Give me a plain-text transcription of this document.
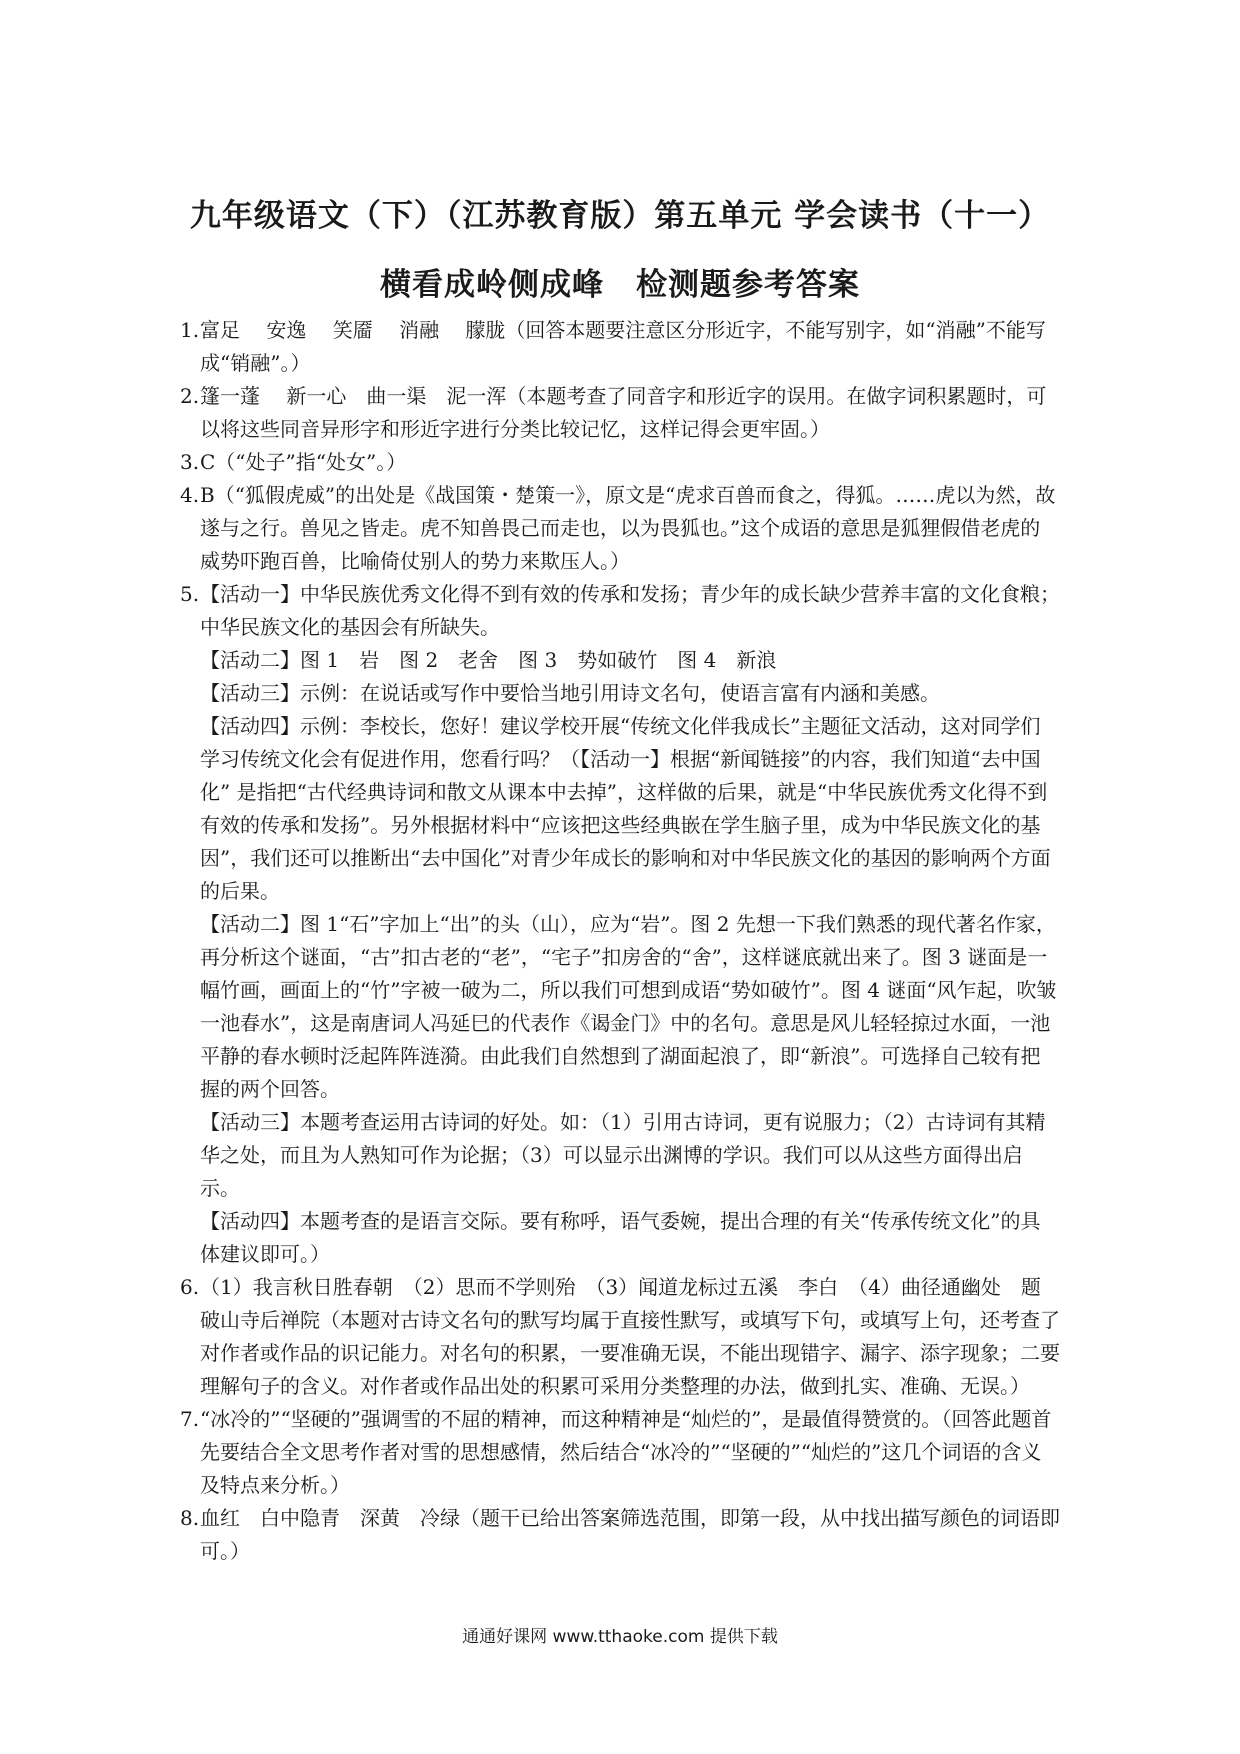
九年级语文（下）（江苏教育版）第五单元 学会读书（十一）
横看成岭侧成峰　检测题参考答案
1. 富足　 安逸　 笑靥　 消融　 朦胧（回答本题要注意区分形近字，不能写别字，如“消融”不能写成“销融”。）
2. 篷一蓬　 新一心　曲一渠　泥一浑（本题考查了同音字和形近字的误用。在做字词积累题时，可以将这些同音异形字和形近字进行分类比较记忆，这样记得会更牢固。）
3. C（“处子”指“处女”。）
4. B（“狐假虎威”的出处是《战国策・楚策一》，原文是“虎求百兽而食之，得狐。……虎以为然，故遂与之行。兽见之皆走。虎不知兽畏己而走也，以为畏狐也。”这个成语的意思是狐狸假借老虎的威势吓跑百兽，比喻倚仗别人的势力来欺压人。）
5. 【活动一】中华民族优秀文化得不到有效的传承和发扬；青少年的成长缺少营养丰富的文化食粮；中华民族文化的基因会有所缺失。

【活动二】图 1　岩　图 2　老舍　图 3　势如破竹　图 4　新浪

【活动三】示例：在说话或写作中要恰当地引用诗文名句，使语言富有内涵和美感。

【活动四】示例：李校长，您好！建议学校开展“传统文化伴我成长”主题征文活动，这对同学们学习传统文化会有促进作用，您看行吗？（【活动一】根据“新闻链接”的内容，我们知道“去中国化” 是指把“古代经典诗词和散文从课本中去掉”，这样做的后果，就是“中华民族优秀文化得不到有效的传承和发扬”。另外根据材料中“应该把这些经典嵌在学生脑子里，成为中华民族文化的基因”，我们还可以推断出“去中国化”对青少年成长的影响和对中华民族文化的基因的影响两个方面的后果。

【活动二】图 1“石”字加上“出”的头（山），应为“岩”。图 2 先想一下我们熟悉的现代著名作家，再分析这个谜面，“古”扣古老的“老”，“宅子”扣房舍的“舍”，这样谜底就出来了。图 3 谜面是一幅竹画，画面上的“竹”字被一破为二，所以我们可想到成语“势如破竹”。图 4 谜面“风乍起，吹皱一池春水”，这是南唐词人冯延巳的代表作《谒金门》中的名句。意思是风儿轻轻掠过水面，一池平静的春水顿时泛起阵阵涟漪。由此我们自然想到了湖面起浪了，即“新浪”。可选择自己较有把握的两个回答。

【活动三】本题考查运用古诗词的好处。如：（1）引用古诗词，更有说服力；（2）古诗词有其精华之处，而且为人熟知可作为论据；（3）可以显示出渊博的学识。我们可以从这些方面得出启示。

【活动四】本题考查的是语言交际。要有称呼，语气委婉，提出合理的有关“传承传统文化”的具体建议即可。）

6. （1）我言秋日胜春朝　（2）思而不学则殆　（3）闻道龙标过五溪　李白　（4）曲径通幽处　题破山寺后禅院（本题对古诗文名句的默写均属于直接性默写，或填写下句，或填写上句，还考查了对作者或作品的识记能力。对名句的积累，一要准确无误，不能出现错字、漏字、添字现象；二要理解句子的含义。对作者或作品出处的积累可采用分类整理的办法，做到扎实、准确、无误。）
7. “冰冷的”“坚硬的”强调雪的不屈的精神，而这种精神是“灿烂的”，是最值得赞赏的。（回答此题首先要结合全文思考作者对雪的思想感情，然后结合“冰冷的”“坚硬的”“灿烂的”这几个词语的含义及特点来分析。）
8. 血红　白中隐青　深黄　冷绿（题干已给出答案筛选范围，即第一段，从中找出描写颜色的词语即可。）
通通好课网 www.tthaoke.com 提供下载
